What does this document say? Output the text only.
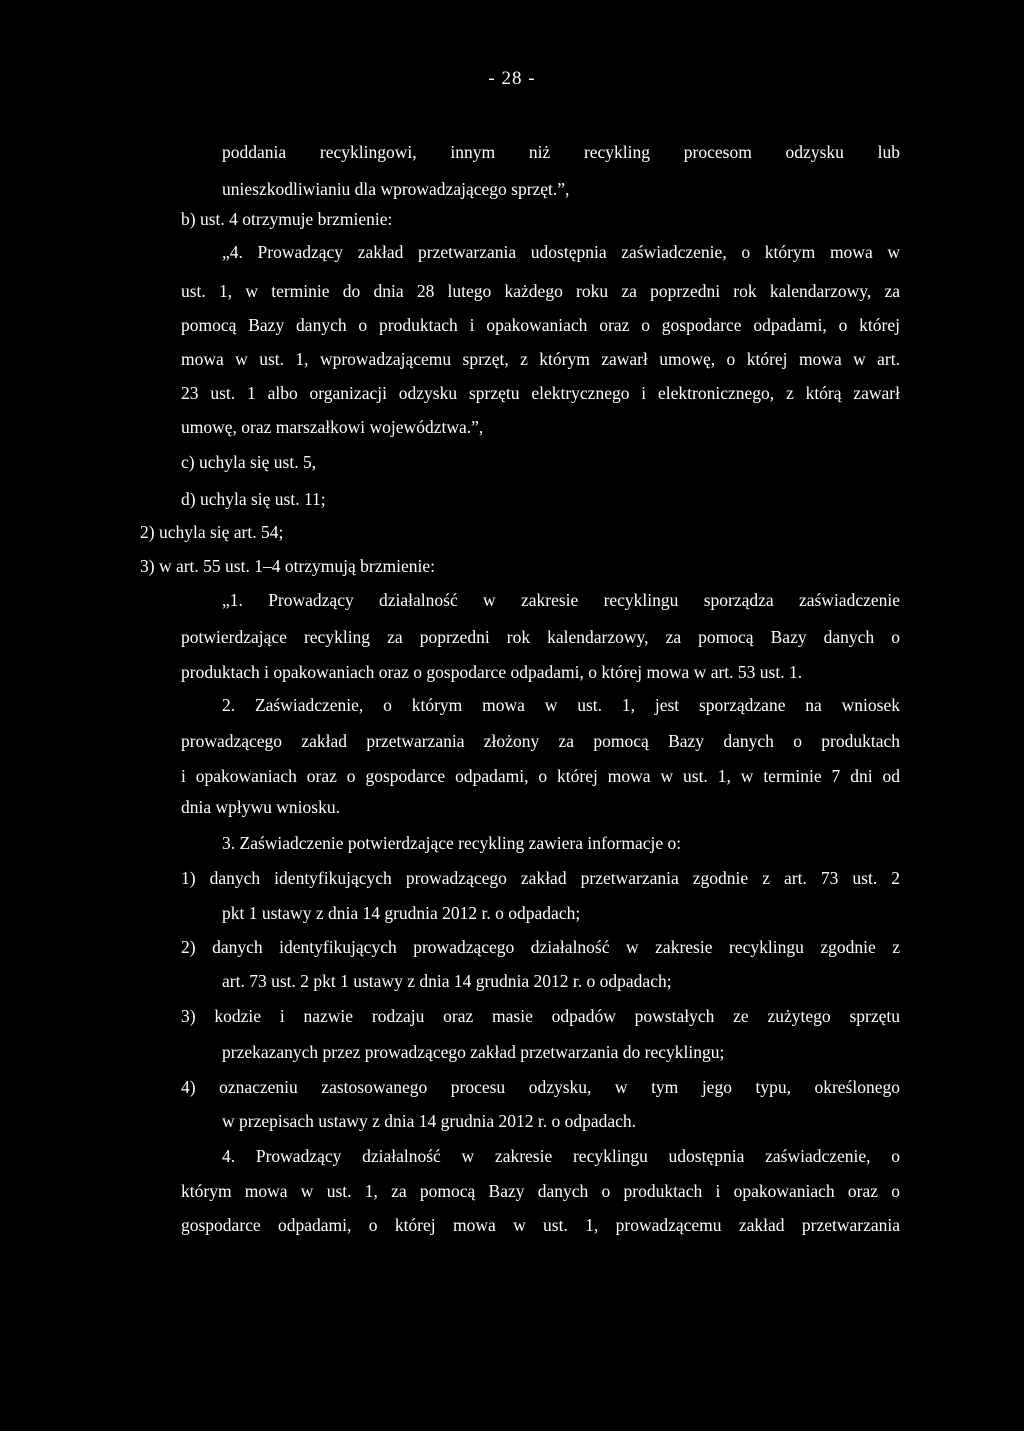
- 28 -
poddania recyklingowi, innym niż recykling procesom odzysku lub
unieszkodliwianiu dla wprowadzającego sprzęt.”,
b) ust. 4 otrzymuje brzmienie:
„4. Prowadzący zakład przetwarzania udostępnia zaświadczenie, o którym mowa w
ust. 1, w terminie do dnia 28 lutego każdego roku za poprzedni rok kalendarzowy, za
pomocą Bazy danych o produktach i opakowaniach oraz o gospodarce odpadami, o której
mowa w ust. 1, wprowadzającemu sprzęt, z którym zawarł umowę, o której mowa w art.
23 ust. 1 albo organizacji odzysku sprzętu elektrycznego i elektronicznego, z którą zawarł
umowę, oraz marszałkowi województwa.”,
c) uchyla się ust. 5,
d) uchyla się ust. 11;
2) uchyla się art. 54;
3) w art. 55 ust. 1–4 otrzymują brzmienie:
„1. Prowadzący działalność w zakresie recyklingu sporządza zaświadczenie
potwierdzające recykling za poprzedni rok kalendarzowy, za pomocą Bazy danych o
produktach i opakowaniach oraz o gospodarce odpadami, o której mowa w art. 53 ust. 1.
2. Zaświadczenie, o którym mowa w ust. 1, jest sporządzane na wniosek
prowadzącego zakład przetwarzania złożony za pomocą Bazy danych o produktach
i opakowaniach oraz o gospodarce odpadami, o której mowa w ust. 1, w terminie 7 dni od
dnia wpływu wniosku.
3. Zaświadczenie potwierdzające recykling zawiera informacje o:
1) danych identyfikujących prowadzącego zakład przetwarzania zgodnie z art. 73 ust. 2
pkt 1 ustawy z dnia 14 grudnia 2012 r. o odpadach;
2) danych identyfikujących prowadzącego działalność w zakresie recyklingu zgodnie z
art. 73 ust. 2 pkt 1 ustawy z dnia 14 grudnia 2012 r. o odpadach;
3) kodzie i nazwie rodzaju oraz masie odpadów powstałych ze zużytego sprzętu
przekazanych przez prowadzącego zakład przetwarzania do recyklingu;
4) oznaczeniu zastosowanego procesu odzysku, w tym jego typu, określonego
w przepisach ustawy z dnia 14 grudnia 2012 r. o odpadach.
4. Prowadzący działalność w zakresie recyklingu udostępnia zaświadczenie, o
którym mowa w ust. 1, za pomocą Bazy danych o produktach i opakowaniach oraz o
gospodarce odpadami, o której mowa w ust. 1, prowadzącemu zakład przetwarzania
